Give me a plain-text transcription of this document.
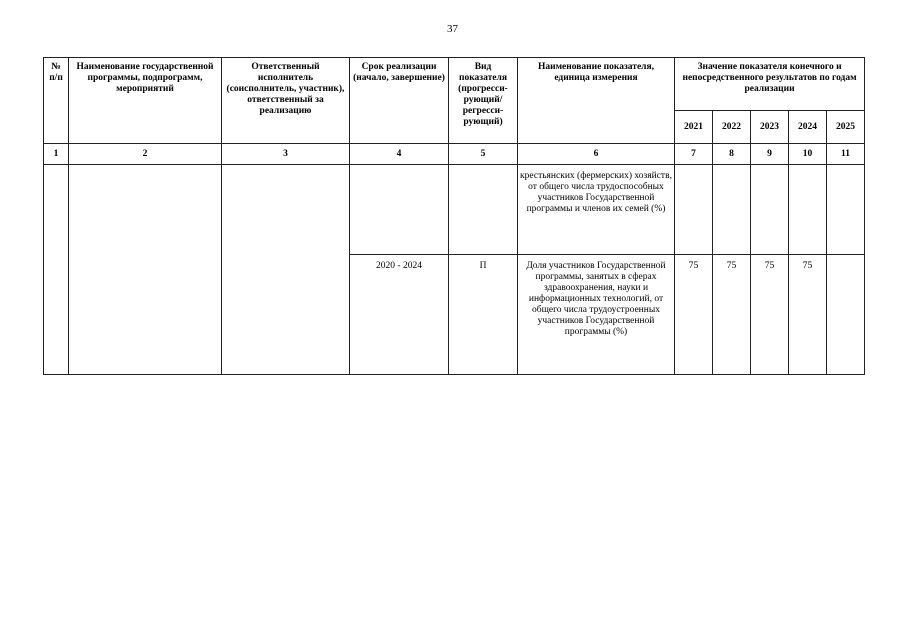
37
№ п/п	Наименование государственной программы, подпрограмм, мероприятий	Ответственный исполнитель (соисполнитель, участник), ответственный за реализацию	Срок реализации (начало, завершение)	Вид показателя (прогресси-рующий/ регресси-рующий)	Наименование показателя, единица измерения	Значение показателя конечного и непосредственного результатов по годам реализации				
						2021	2022	2023	2024	2025
1	2	3	4	5	6	7	8	9	10	11
					крестьянских (фермерских) хозяйств, от общего числа трудоспособных участников Государственной программы и членов их семей (%)					
			2020 - 2024	П	Доля участников Государственной программы, занятых в сферах здравоохранения, науки и информационных технологий, от общего числа трудоустроенных участников Государственной программы (%)	75	75	75	75	
